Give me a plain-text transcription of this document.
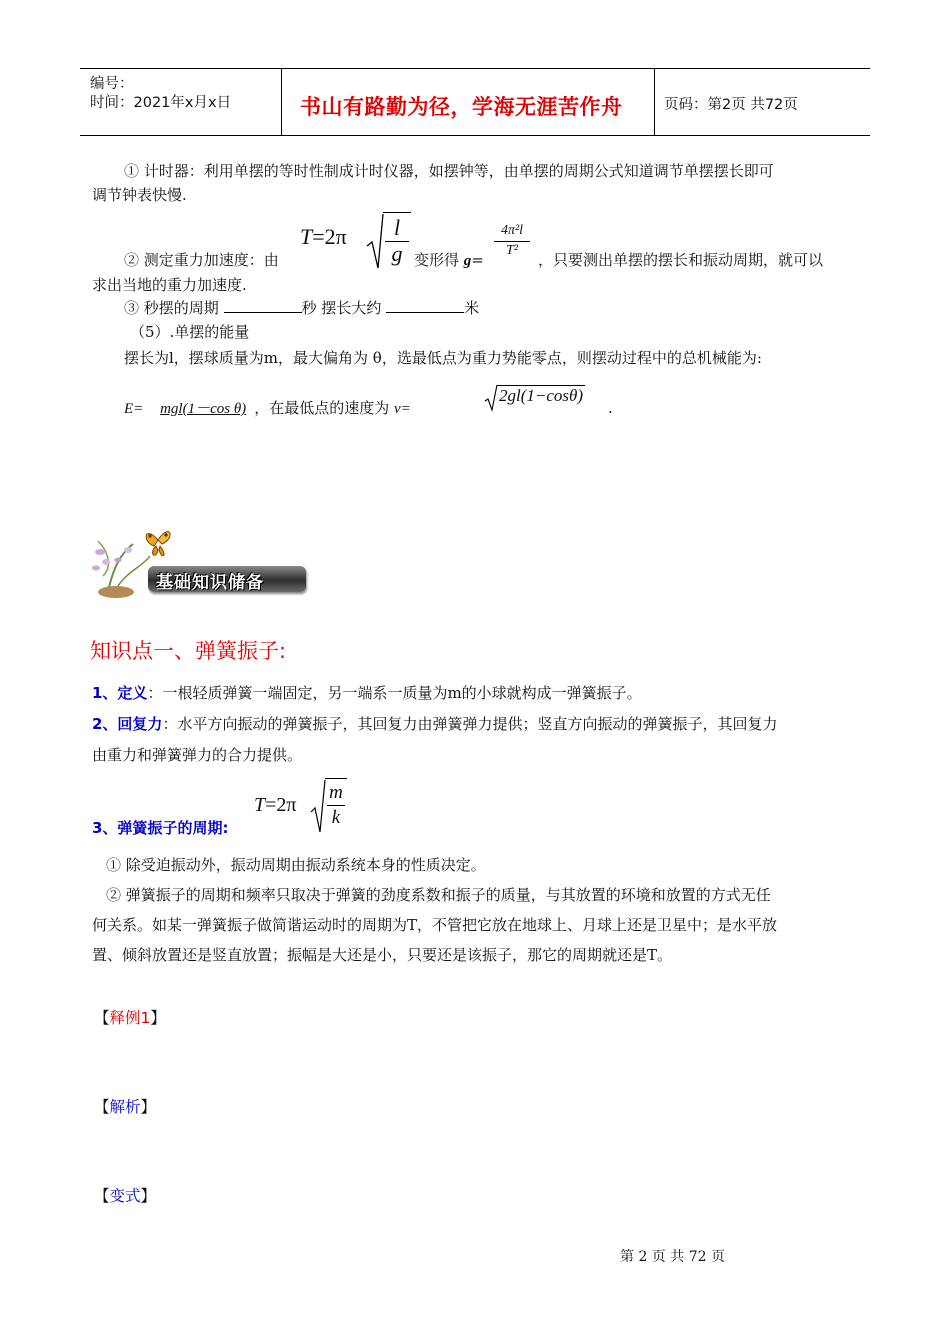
编号：
时间：2021年x月x日	书山有路勤为径，学海无涯苦作舟	页码：第2页 共72页
① 计时器：利用单摆的等时性制成计时仪器，如摆钟等，由单摆的周期公式知道调节单摆摆长即可
调节钟表快慢.
T=2π	l
g
② 测定重力加速度：由	变形得 g=
4π²l
T²
，只要测出单摆的摆长和振动周期，就可以
求出当地的重力加速度.
③ 秒摆的周期	秒 摆长大约	米
（5）.单摆的能量
摆长为l，摆球质量为m，最大偏角为 θ，选最低点为重力势能零点，则摆动过程中的总机械能为:
E= mgl(1－cos θ) ，在最低点的速度为 v=
2gl(1−cosθ)
.
基础知识储备
知识点一、弹簧振子:
1、定义：一根轻质弹簧一端固定，另一端系一质量为m的小球就构成一弹簧振子。
2、回复力：水平方向振动的弹簧振子，其回复力由弹簧弹力提供；竖直方向振动的弹簧振子，其回复力
由重力和弹簧弹力的合力提供。
T=2π
m
k
3、弹簧振子的周期:
① 除受迫振动外，振动周期由振动系统本身的性质决定。
② 弹簧振子的周期和频率只取决于弹簧的劲度系数和振子的质量，与其放置的环境和放置的方式无任
何关系。如某一弹簧振子做简谐运动时的周期为T，不管把它放在地球上、月球上还是卫星中；是水平放
置、倾斜放置还是竖直放置；振幅是大还是小，只要还是该振子，那它的周期就还是T。
【释例1】
【解析】
【变式】
第 2 页 共 72 页
